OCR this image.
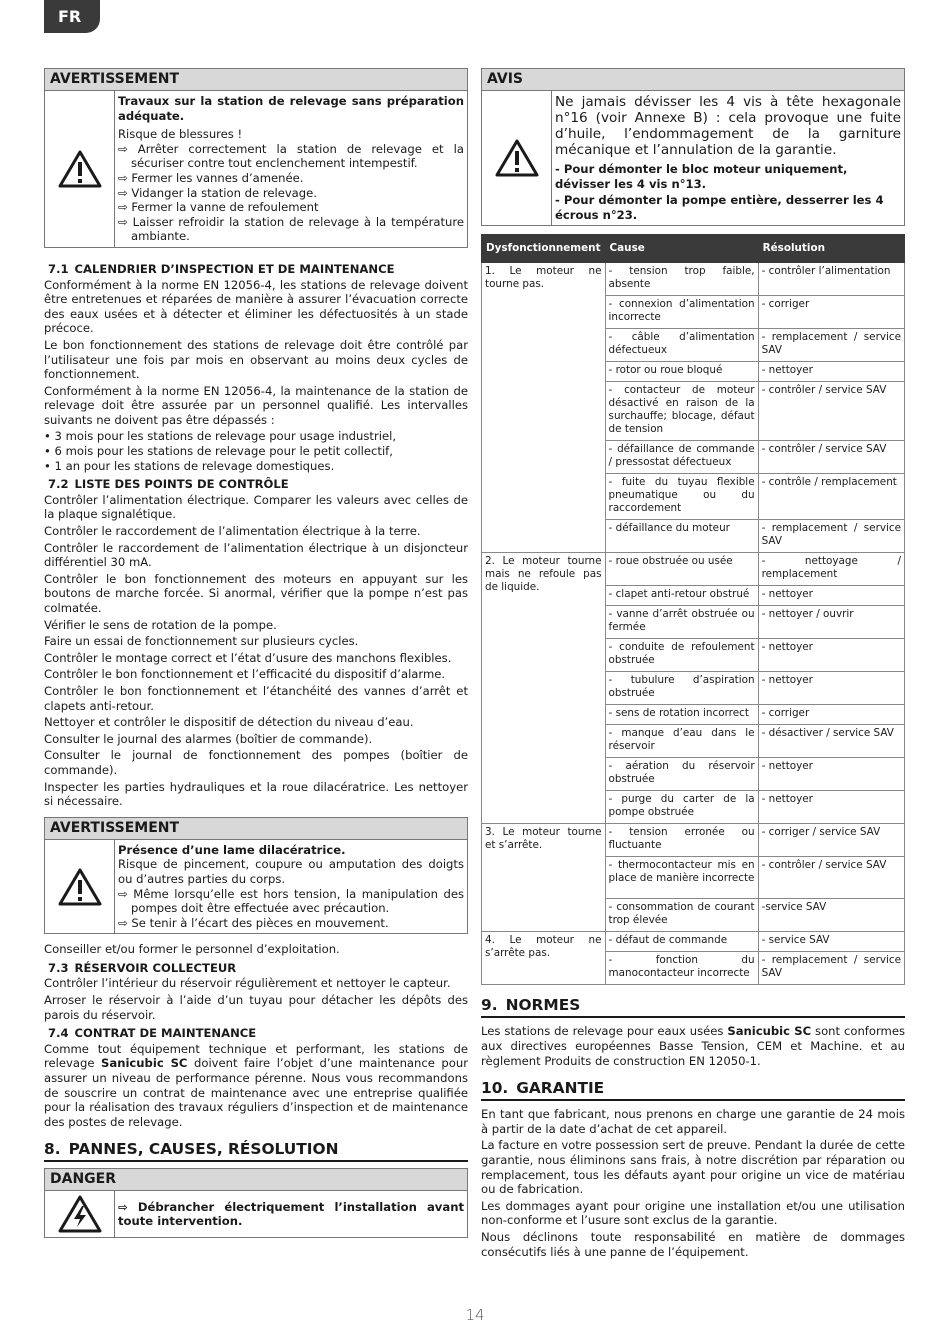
FR
AVERTISSEMENT
Travaux sur la station de relevage sans préparation adéquate.
Risque de blessures !
⇨ Arrêter correctement la station de relevage et la sécuriser contre tout enclenchement intempestif.
⇨ Fermer les vannes d’amenée.
⇨ Vidanger la station de relevage.
⇨ Fermer la vanne de refoulement
⇨ Laisser refroidir la station de relevage à la température ambiante.
7.1 CALENDRIER D’INSPECTION ET DE MAINTENANCE

Conformément à la norme EN 12056-4, les stations de relevage doivent être entretenues et réparées de manière à assurer l’évacuation correcte des eaux usées et à détecter et éliminer les défectuosités à un stade précoce.

Le bon fonctionnement des stations de relevage doit être contrôlé par l’utilisateur une fois par mois en observant au moins deux cycles de fonctionnement.

Conformément à la norme EN 12056-4, la maintenance de la station de relevage doit être assurée par un personnel qualifié. Les intervalles suivants ne doivent pas être dépassés :

• 3 mois pour les stations de relevage pour usage industriel,

• 6 mois pour les stations de relevage pour le petit collectif,

• 1 an pour les stations de relevage domestiques.

7.2 LISTE DES POINTS DE CONTRÔLE

Contrôler l’alimentation électrique. Comparer les valeurs avec celles de la plaque signalétique.

Contrôler le raccordement de l’alimentation électrique à la terre.

Contrôler le raccordement de l’alimentation électrique à un disjoncteur différentiel 30 mA.

Contrôler le bon fonctionnement des moteurs en appuyant sur les boutons de marche forcée. Si anormal, vérifier que la pompe n’est pas colmatée.

Vérifier le sens de rotation de la pompe.

Faire un essai de fonctionnement sur plusieurs cycles.

Contrôler le montage correct et l’état d’usure des manchons flexibles.

Contrôler le bon fonctionnement et l’efficacité du dispositif d’alarme.

Contrôler le bon fonctionnement et l’étanchéité des vannes d’arrêt et clapets anti-retour.

Nettoyer et contrôler le dispositif de détection du niveau d’eau.

Consulter le journal des alarmes (boîtier de commande).

Consulter le journal de fonctionnement des pompes (boîtier de commande).

Inspecter les parties hydrauliques et la roue dilacératrice. Les nettoyer si nécessaire.

AVERTISSEMENT
Présence d’une lame dilacératrice.
Risque de pincement, coupure ou amputation des doigts ou d’autres parties du corps.
⇨ Même lorsqu’elle est hors tension, la manipulation des pompes doit être effectuée avec précaution.
⇨ Se tenir à l’écart des pièces en mouvement.

Conseiller et/ou former le personnel d’exploitation.

7.3 RÉSERVOIR COLLECTEUR

Contrôler l’intérieur du réservoir régulièrement et nettoyer le capteur.

Arroser le réservoir à l’aide d’un tuyau pour détacher les dépôts des parois du réservoir.

7.4 CONTRAT DE MAINTENANCE

Comme tout équipement technique et performant, les stations de relevage Sanicubic SC doivent faire l’objet d’une maintenance pour assurer un niveau de performance pérenne. Nous vous recommandons de souscrire un contrat de maintenance avec une entreprise qualifiée pour la réalisation des travaux réguliers d’inspection et de maintenance des postes de relevage.

8. PANNES, CAUSES, RÉSOLUTION
DANGER
⇨ Débrancher électriquement l’installation avant toute intervention.
AVIS
Ne jamais dévisser les 4 vis à tête hexagonale n°16 (voir Annexe B) : cela provoque une fuite d’huile, l’endommagement de la garniture mécanique et l’annulation de la garantie.
- Pour démonter le bloc moteur uniquement, dévisser les 4 vis n°13.
- Pour démonter la pompe entière, desserrer les 4 écrous n°23.
Dysfonctionnement	Cause	Résolution
1. Le moteur ne tourne pas.	- tension trop faible, absente	- contrôler l’alimentation
	- connexion d’alimentation incorrecte	- corriger
	- câble d’alimentation défectueux	- remplacement / service SAV
	- rotor ou roue bloqué	- nettoyer
	- contacteur de moteur désactivé en raison de la surchauffe; blocage, défaut de tension	- contrôler / service SAV
	- défaillance de commande / pressostat défectueux	- contrôler / service SAV
	- fuite du tuyau flexible pneumatique ou du raccordement	- contrôle / remplacement
	- défaillance du moteur	- remplacement / service SAV
2. Le moteur tourne mais ne refoule pas de liquide.	- roue obstruée ou usée	- nettoyage / remplacement
	- clapet anti-retour obstrué	- nettoyer
	- vanne d’arrêt obstruée ou fermée	- nettoyer / ouvrir
	- conduite de refoulement obstruée	- nettoyer
	- tubulure d’aspiration obstruée	- nettoyer
	- sens de rotation incorrect	- corriger
	- manque d’eau dans le réservoir	- désactiver / service SAV
	- aération du réservoir obstruée	- nettoyer
	- purge du carter de la pompe obstruée	- nettoyer
3. Le moteur tourne et s’arrête.	- tension erronée ou fluctuante	- corriger / service SAV
	- thermocontacteur mis en place de manière incorrecte	- contrôler / service SAV
	- consommation de courant trop élevée	-service SAV
4. Le moteur ne s’arrête pas.	- défaut de commande	- service SAV
	- fonction du manocontacteur incorrecte	- remplacement / service SAV
9. NORMES

Les stations de relevage pour eaux usées Sanicubic SC sont conformes aux directives européennes Basse Tension, CEM et Machine. et au règlement Produits de construction EN 12050-1.

10. GARANTIE

En tant que fabricant, nous prenons en charge une garantie de 24 mois à partir de la date d’achat de cet appareil.

La facture en votre possession sert de preuve. Pendant la durée de cette garantie, nous éliminons sans frais, à notre discrétion par réparation ou remplacement, tous les défauts ayant pour origine un vice de matériau ou de fabrication.

Les dommages ayant pour origine une installation et/ou une utilisation non-conforme et l’usure sont exclus de la garantie.

Nous déclinons toute responsabilité en matière de dommages consécutifs liés à une panne de l’équipement.

14
